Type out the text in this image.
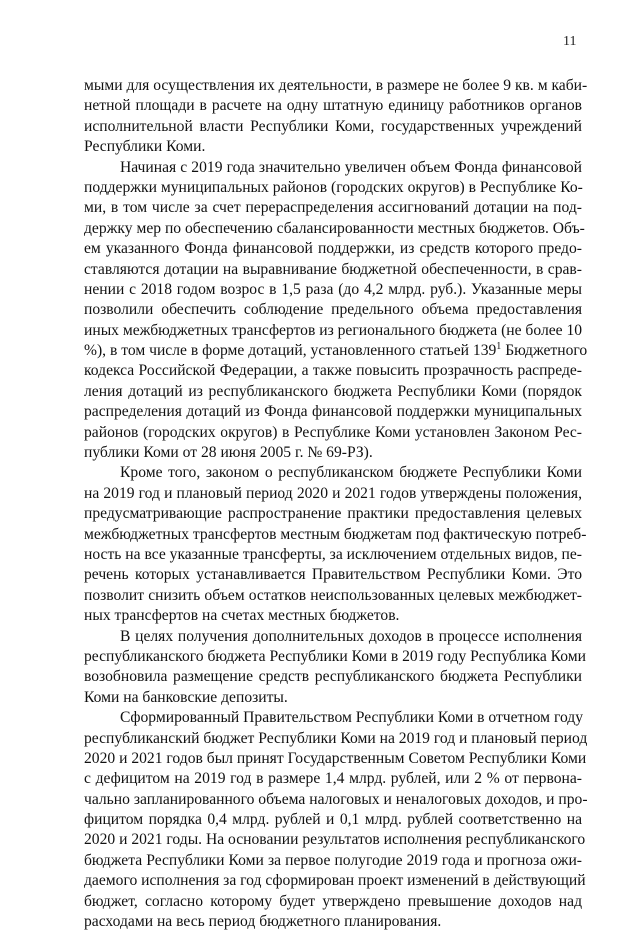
11
мыми для осуществления их деятельности, в размере не более 9 кв. м каби-
нетной площади в расчете на одну штатную единицу работников органов
исполнительной власти Республики Коми, государственных учреждений
Республики Коми.
Начиная с 2019 года значительно увеличен объем Фонда финансовой
поддержки муниципальных районов (городских округов) в Республике Ко-
ми, в том числе за счет перераспределения ассигнований дотации на под-
держку мер по обеспечению сбалансированности местных бюджетов. Объ-
ем указанного Фонда финансовой поддержки, из средств которого предо-
ставляются дотации на выравнивание бюджетной обеспеченности, в срав-
нении с 2018 годом возрос в 1,5 раза (до 4,2 млрд. руб.). Указанные меры
позволили обеспечить соблюдение предельного объема предоставления
иных межбюджетных трансфертов из регионального бюджета (не более 10
%), в том числе в форме дотаций, установленного статьей $139^1$ Бюджетного
кодекса Российской Федерации, а также повысить прозрачность распреде-
ления дотаций из республиканского бюджета Республики Коми (порядок
распределения дотаций из Фонда финансовой поддержки муниципальных
районов (городских округов) в Республике Коми установлен Законом Рес-
публики Коми от 28 июня 2005 г. № 69-РЗ).
Кроме того, законом о республиканском бюджете Республики Коми
на 2019 год и плановый период 2020 и 2021 годов утверждены положения,
предусматривающие распространение практики предоставления целевых
межбюджетных трансфертов местным бюджетам под фактическую потреб-
ность на все указанные трансферты, за исключением отдельных видов, пе-
речень которых устанавливается Правительством Республики Коми. Это
позволит снизить объем остатков неиспользованных целевых межбюджет-
ных трансфертов на счетах местных бюджетов.
В целях получения дополнительных доходов в процессе исполнения
республиканского бюджета Республики Коми в 2019 году Республика Коми
возобновила размещение средств республиканского бюджета Республики
Коми на банковские депозиты.
Сформированный Правительством Республики Коми в отчетном году
республиканский бюджет Республики Коми на 2019 год и плановый период
2020 и 2021 годов был принят Государственным Советом Республики Коми
с дефицитом на 2019 год в размере 1,4 млрд. рублей, или 2 % от первона-
чально запланированного объема налоговых и неналоговых доходов, и про-
фицитом порядка 0,4 млрд. рублей и 0,1 млрд. рублей соответственно на
2020 и 2021 годы. На основании результатов исполнения республиканского
бюджета Республики Коми за первое полугодие 2019 года и прогноза ожи-
даемого исполнения за год сформирован проект изменений в действующий
бюджет, согласно которому будет утверждено превышение доходов над
расходами на весь период бюджетного планирования.
